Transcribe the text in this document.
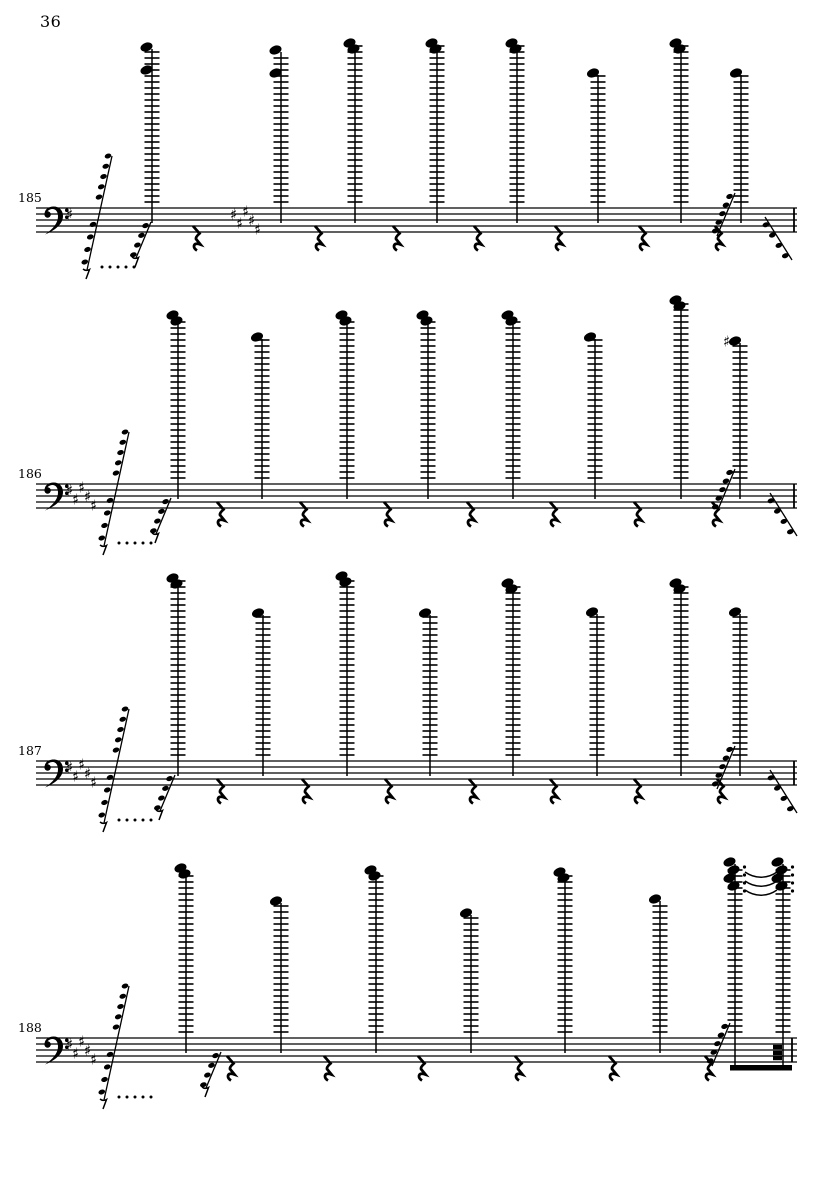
36
185
186
187
188
♯	♯
♯
♯
♯
♯
♯
♯
♯
♯
♯
♯
♯
♯
♯
♯
♯
♯
♯
♯
♯
♯
